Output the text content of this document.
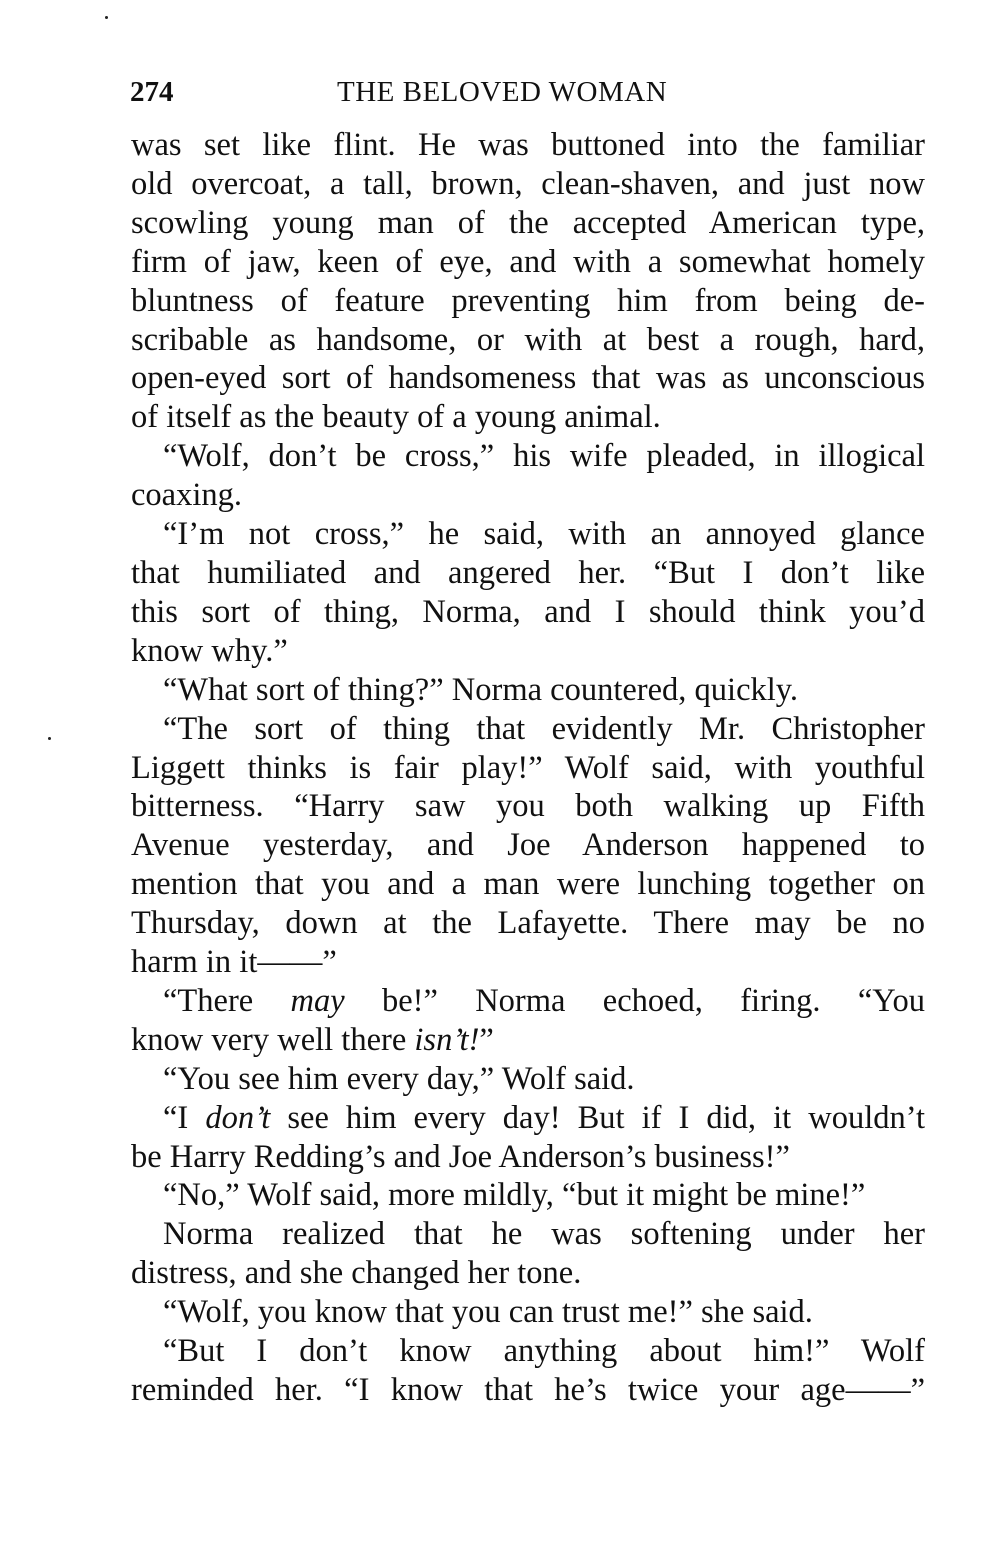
274	THE BELOVED WOMAN

was set like flint. He was buttoned into the familiar
old overcoat, a tall, brown, clean-shaven, and just now
scowling young man of the accepted American type,
firm of jaw, keen of eye, and with a somewhat homely
bluntness of feature preventing him from being de-
scribable as handsome, or with at best a rough, hard,
open-eyed sort of handsomeness that was as unconscious
of itself as the beauty of a young animal.

“Wolf, don’t be cross,” his wife pleaded, in illogical
coaxing.

“I’m not cross,” he said, with an annoyed glance
that humiliated and angered her. “But I don’t like
this sort of thing, Norma, and I should think you’d
know why.”

“What sort of thing?” Norma countered, quickly.

“The sort of thing that evidently Mr. Christopher
Liggett thinks is fair play!” Wolf said, with youthful
bitterness. “Harry saw you both walking up Fifth
Avenue yesterday, and Joe Anderson happened to
mention that you and a man were lunching together on
Thursday, down at the Lafayette. There may be no
harm in it——”

“There may be!” Norma echoed, firing. “You
know very well there isn’t!”

“You see him every day,” Wolf said.

“I don’t see him every day! But if I did, it wouldn’t
be Harry Redding’s and Joe Anderson’s business!”

“No,” Wolf said, more mildly, “but it might be mine!”

Norma realized that he was softening under her
distress, and she changed her tone.

“Wolf, you know that you can trust me!” she said.

“But I don’t know anything about him!” Wolf
reminded her. “I know that he’s twice your age——”
